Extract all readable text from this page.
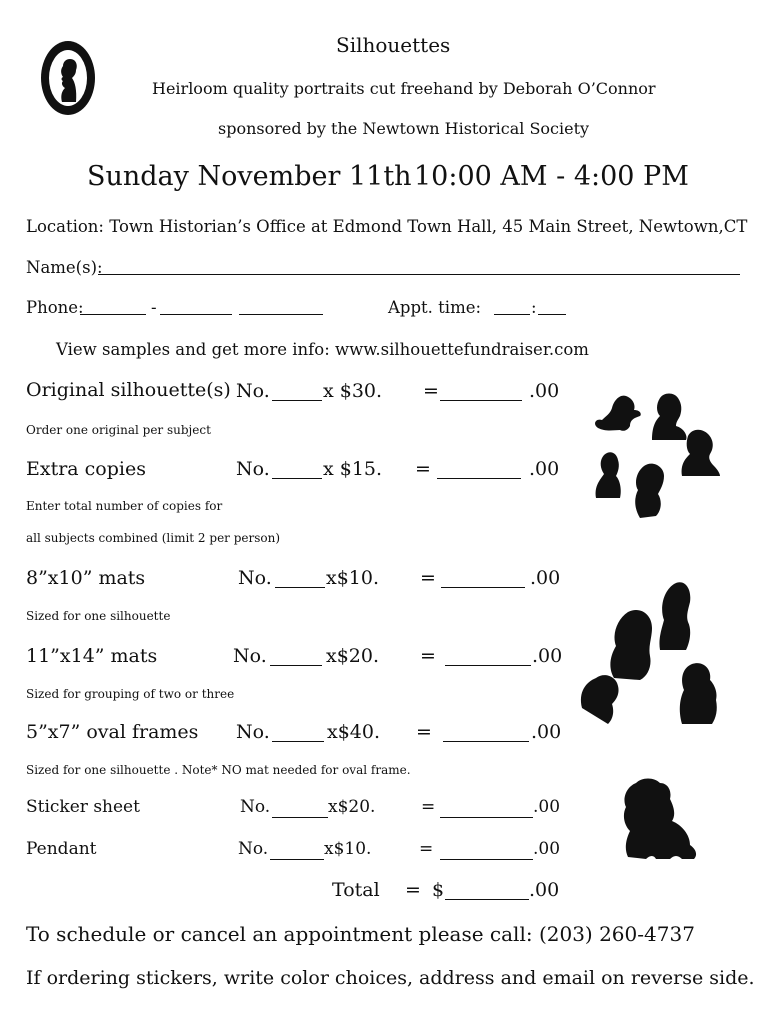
Silhouettes
Heirloom quality portraits cut freehand by Deborah O’Connor
sponsored by the Newtown Historical Society
Sunday November 11th 10:00 AM - 4:00 PM
Location: Town Historian’s Office at Edmond Town Hall, 45 Main Street, Newtown,CT
Name(s):
Phone:	-	Appt. time:	:
View samples and get more info: www.silhouettefundraiser.com
Original silhouette(s) No.	x $30. =	.00
Order one original per subject
Extra copies	No.	x $15. =	.00
Enter total number of copies for
all subjects combined (limit 2 per person)
8”x10” mats	No.	x$10. =	.00
Sized for one silhouette
11”x14” mats	No.	x$20. =	.00
Sized for grouping of two or three
5”x7” oval frames No.	x$40. =	.00
Sized for one silhouette . Note* NO mat needed for oval frame.
Sticker sheet	No.	x$20.	=	.00
Pendant	No.	x$10.	=	.00
Total = $	.00
To schedule or cancel an appointment please call: (203) 260-4737
If ordering stickers, write color choices, address and email on reverse side.
